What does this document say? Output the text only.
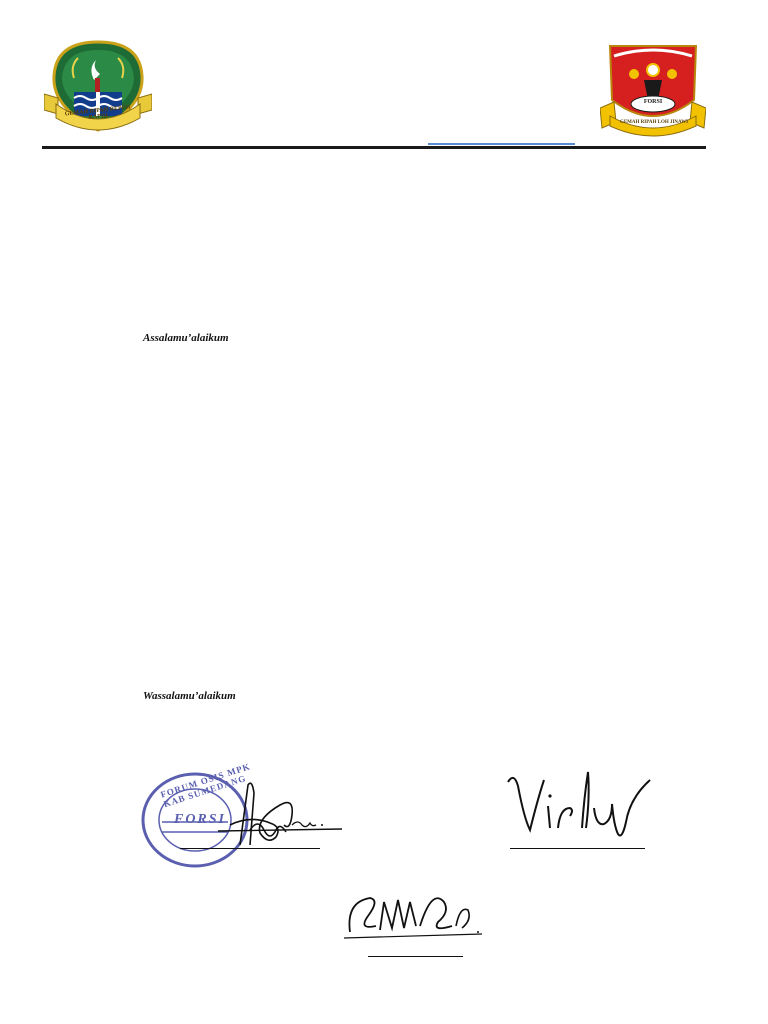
GEMAH RIPAH REPEH RAPIH
FORSI
GEMAH RIPAH LOH JINAWI
Assalamu’alaikum
Wassalamu’alaikum
FORUM OSIS MPK KAB SUMEDANG
FORSI
